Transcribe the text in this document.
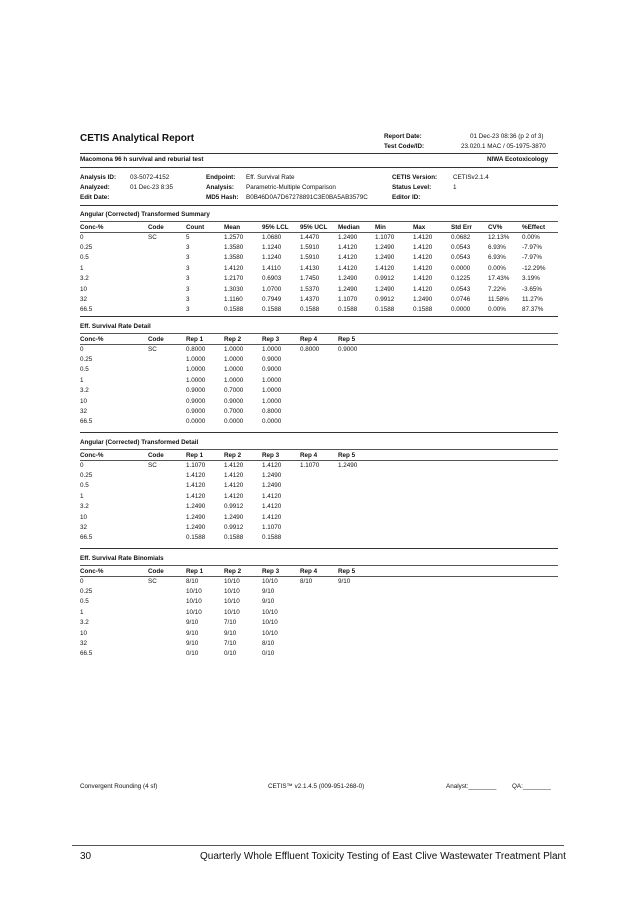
CETIS Analytical Report	Report Date:	01 Dec-23 08:36 (p 2 of 3)
Test Code/ID:	23.020.1 MAC / 05-1975-3870
Macomona 96 h survival and reburial test	NIWA Ecotoxicology
Analysis ID: 03-5072-4152
Analyzed:	01 Dec-23 8:35
Edit Date:
Endpoint: Eff. Survival Rate
Analysis: Parametric-Multiple Comparison
MD5 Hash: B0B46D0A7D67278891C3E0BA5AB3579C
CETIS Version:	CETISv2.1.4
Status Level:	1
Editor ID:
Angular (Corrected) Transformed Summary
Conc-%	Code	Count	Mean	95% LCL	95% UCL	Median	Min	Max	Std Err	CV%	%Effect
0	SC	5	1.2570	1.0680	1.4470	1.2490	1.1070	1.4120	0.0682	12.13%	0.00%
0.25		3	1.3580	1.1240	1.5910	1.4120	1.2490	1.4120	0.0543	6.93%	-7.97%
0.5		3	1.3580	1.1240	1.5910	1.4120	1.2490	1.4120	0.0543	6.93%	-7.97%
1		3	1.4120	1.4110	1.4130	1.4120	1.4120	1.4120	0.0000	0.00%	-12.29%
3.2		3	1.2170	0.6903	1.7450	1.2490	0.9912	1.4120	0.1225	17.43%	3.19%
10		3	1.3030	1.0700	1.5370	1.2490	1.2490	1.4120	0.0543	7.22%	-3.65%
32		3	1.1160	0.7949	1.4370	1.1070	0.9912	1.2490	0.0746	11.58%	11.27%
66.5		3	0.1588	0.1588	0.1588	0.1588	0.1588	0.1588	0.0000	0.00%	87.37%
Eff. Survival Rate Detail
Conc-%	Code	Rep 1	Rep 2	Rep 3	Rep 4	Rep 5
0	SC	0.8000	1.0000	1.0000	0.8000	0.9000
0.25		1.0000	1.0000	0.9000		
0.5		1.0000	1.0000	0.9000		
1		1.0000	1.0000	1.0000		
3.2		0.9000	0.7000	1.0000		
10		0.9000	0.9000	1.0000		
32		0.9000	0.7000	0.8000		
66.5		0.0000	0.0000	0.0000		
Angular (Corrected) Transformed Detail
Conc-%	Code	Rep 1	Rep 2	Rep 3	Rep 4	Rep 5
0	SC	1.1070	1.4120	1.4120	1.1070	1.2490
0.25		1.4120	1.4120	1.2490		
0.5		1.4120	1.4120	1.2490		
1		1.4120	1.4120	1.4120		
3.2		1.2490	0.9912	1.4120		
10		1.2490	1.2490	1.4120		
32		1.2490	0.9912	1.1070		
66.5		0.1588	0.1588	0.1588		
Eff. Survival Rate Binomials
Conc-%	Code	Rep 1	Rep 2	Rep 3	Rep 4	Rep 5
0	SC	8/10	10/10	10/10	8/10	9/10
0.25		10/10	10/10	9/10		
0.5		10/10	10/10	9/10		
1		10/10	10/10	10/10		
3.2		9/10	7/10	10/10		
10		9/10	9/10	10/10		
32		9/10	7/10	8/10		
66.5		0/10	0/10	0/10		
Convergent Rounding (4 sf)	CETIS™ v2.1.4.5 (009-951-268-0)	Analyst:________ QA:________
30	Quarterly Whole Effluent Toxicity Testing of East Clive Wastewater Treatment Plant
